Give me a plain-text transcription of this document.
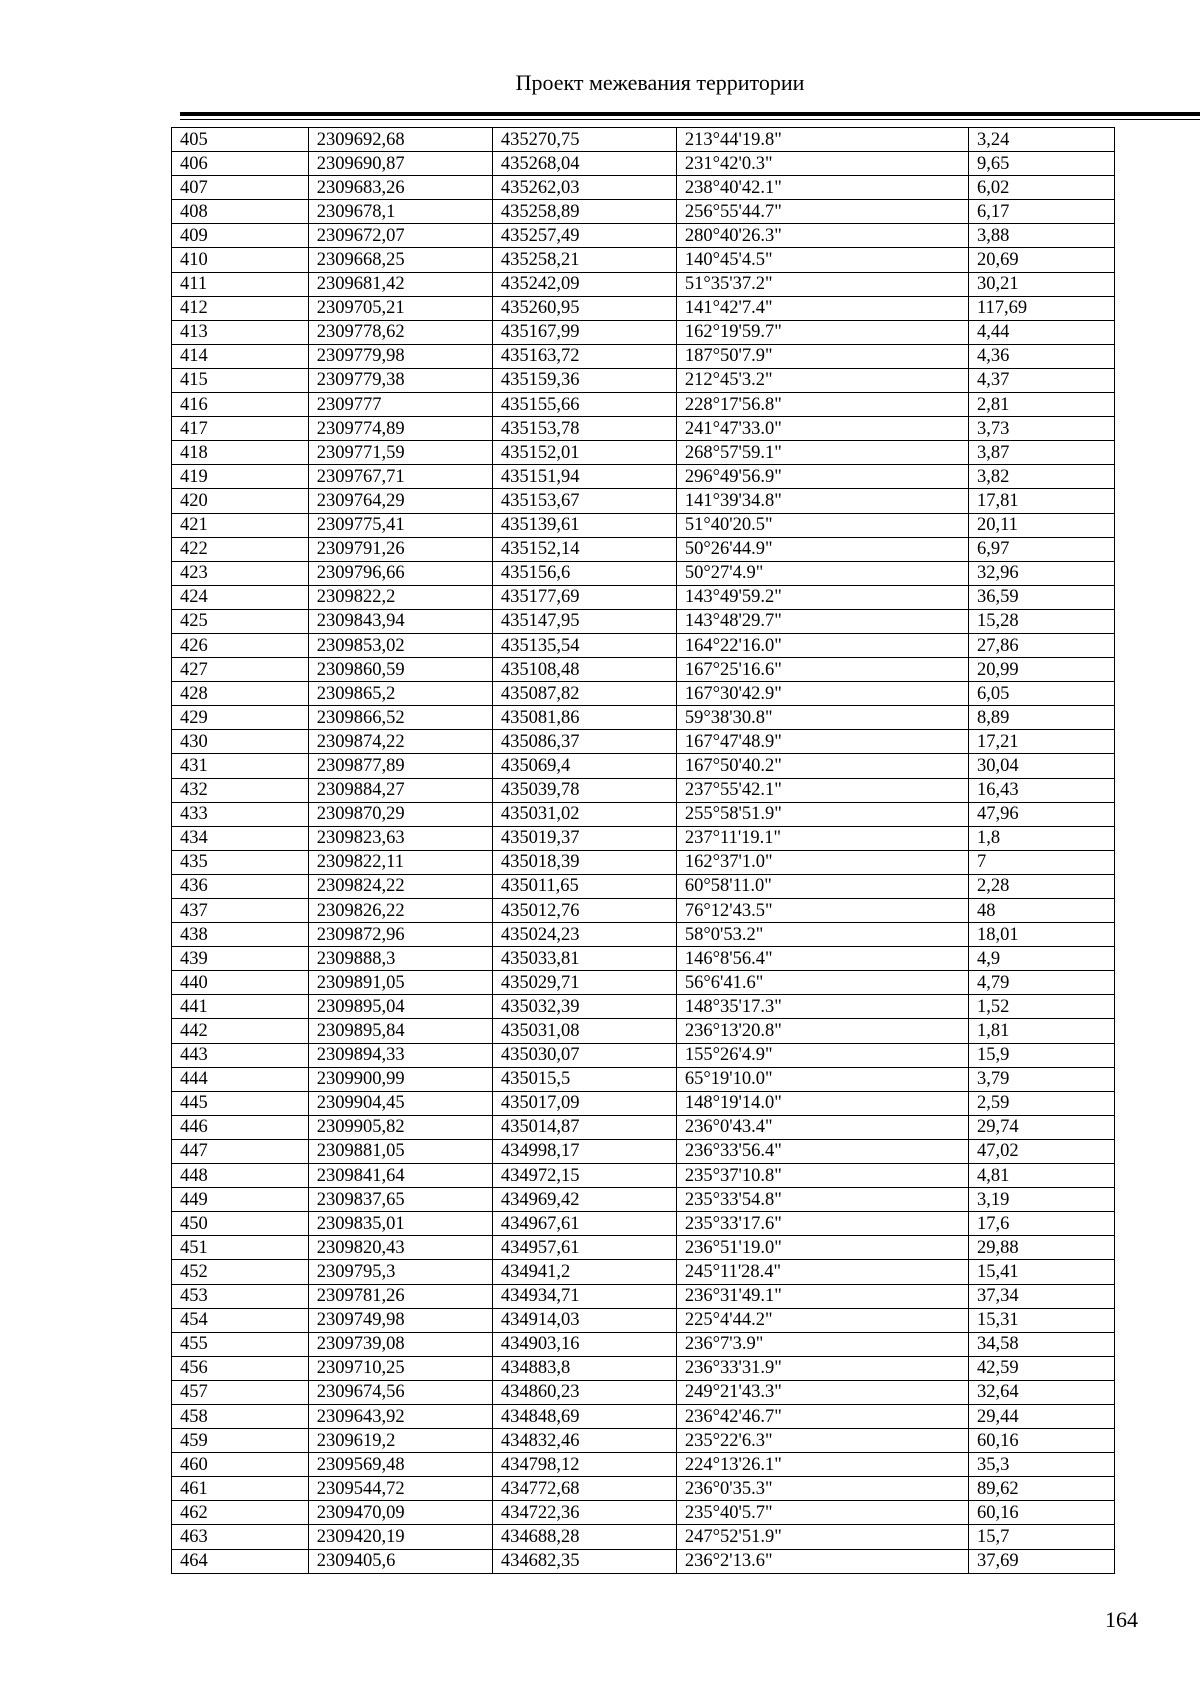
Проект межевания территории
405	2309692,68	435270,75	213°44'19.8"	3,24
406	2309690,87	435268,04	231°42'0.3"	9,65
407	2309683,26	435262,03	238°40'42.1"	6,02
408	2309678,1	435258,89	256°55'44.7"	6,17
409	2309672,07	435257,49	280°40'26.3"	3,88
410	2309668,25	435258,21	140°45'4.5"	20,69
411	2309681,42	435242,09	51°35'37.2"	30,21
412	2309705,21	435260,95	141°42'7.4"	117,69
413	2309778,62	435167,99	162°19'59.7"	4,44
414	2309779,98	435163,72	187°50'7.9"	4,36
415	2309779,38	435159,36	212°45'3.2"	4,37
416	2309777	435155,66	228°17'56.8"	2,81
417	2309774,89	435153,78	241°47'33.0"	3,73
418	2309771,59	435152,01	268°57'59.1"	3,87
419	2309767,71	435151,94	296°49'56.9"	3,82
420	2309764,29	435153,67	141°39'34.8"	17,81
421	2309775,41	435139,61	51°40'20.5"	20,11
422	2309791,26	435152,14	50°26'44.9"	6,97
423	2309796,66	435156,6	50°27'4.9"	32,96
424	2309822,2	435177,69	143°49'59.2"	36,59
425	2309843,94	435147,95	143°48'29.7"	15,28
426	2309853,02	435135,54	164°22'16.0"	27,86
427	2309860,59	435108,48	167°25'16.6"	20,99
428	2309865,2	435087,82	167°30'42.9"	6,05
429	2309866,52	435081,86	59°38'30.8"	8,89
430	2309874,22	435086,37	167°47'48.9"	17,21
431	2309877,89	435069,4	167°50'40.2"	30,04
432	2309884,27	435039,78	237°55'42.1"	16,43
433	2309870,29	435031,02	255°58'51.9"	47,96
434	2309823,63	435019,37	237°11'19.1"	1,8
435	2309822,11	435018,39	162°37'1.0"	7
436	2309824,22	435011,65	60°58'11.0"	2,28
437	2309826,22	435012,76	76°12'43.5"	48
438	2309872,96	435024,23	58°0'53.2"	18,01
439	2309888,3	435033,81	146°8'56.4"	4,9
440	2309891,05	435029,71	56°6'41.6"	4,79
441	2309895,04	435032,39	148°35'17.3"	1,52
442	2309895,84	435031,08	236°13'20.8"	1,81
443	2309894,33	435030,07	155°26'4.9"	15,9
444	2309900,99	435015,5	65°19'10.0"	3,79
445	2309904,45	435017,09	148°19'14.0"	2,59
446	2309905,82	435014,87	236°0'43.4"	29,74
447	2309881,05	434998,17	236°33'56.4"	47,02
448	2309841,64	434972,15	235°37'10.8"	4,81
449	2309837,65	434969,42	235°33'54.8"	3,19
450	2309835,01	434967,61	235°33'17.6"	17,6
451	2309820,43	434957,61	236°51'19.0"	29,88
452	2309795,3	434941,2	245°11'28.4"	15,41
453	2309781,26	434934,71	236°31'49.1"	37,34
454	2309749,98	434914,03	225°4'44.2"	15,31
455	2309739,08	434903,16	236°7'3.9"	34,58
456	2309710,25	434883,8	236°33'31.9"	42,59
457	2309674,56	434860,23	249°21'43.3"	32,64
458	2309643,92	434848,69	236°42'46.7"	29,44
459	2309619,2	434832,46	235°22'6.3"	60,16
460	2309569,48	434798,12	224°13'26.1"	35,3
461	2309544,72	434772,68	236°0'35.3"	89,62
462	2309470,09	434722,36	235°40'5.7"	60,16
463	2309420,19	434688,28	247°52'51.9"	15,7
464	2309405,6	434682,35	236°2'13.6"	37,69
164
